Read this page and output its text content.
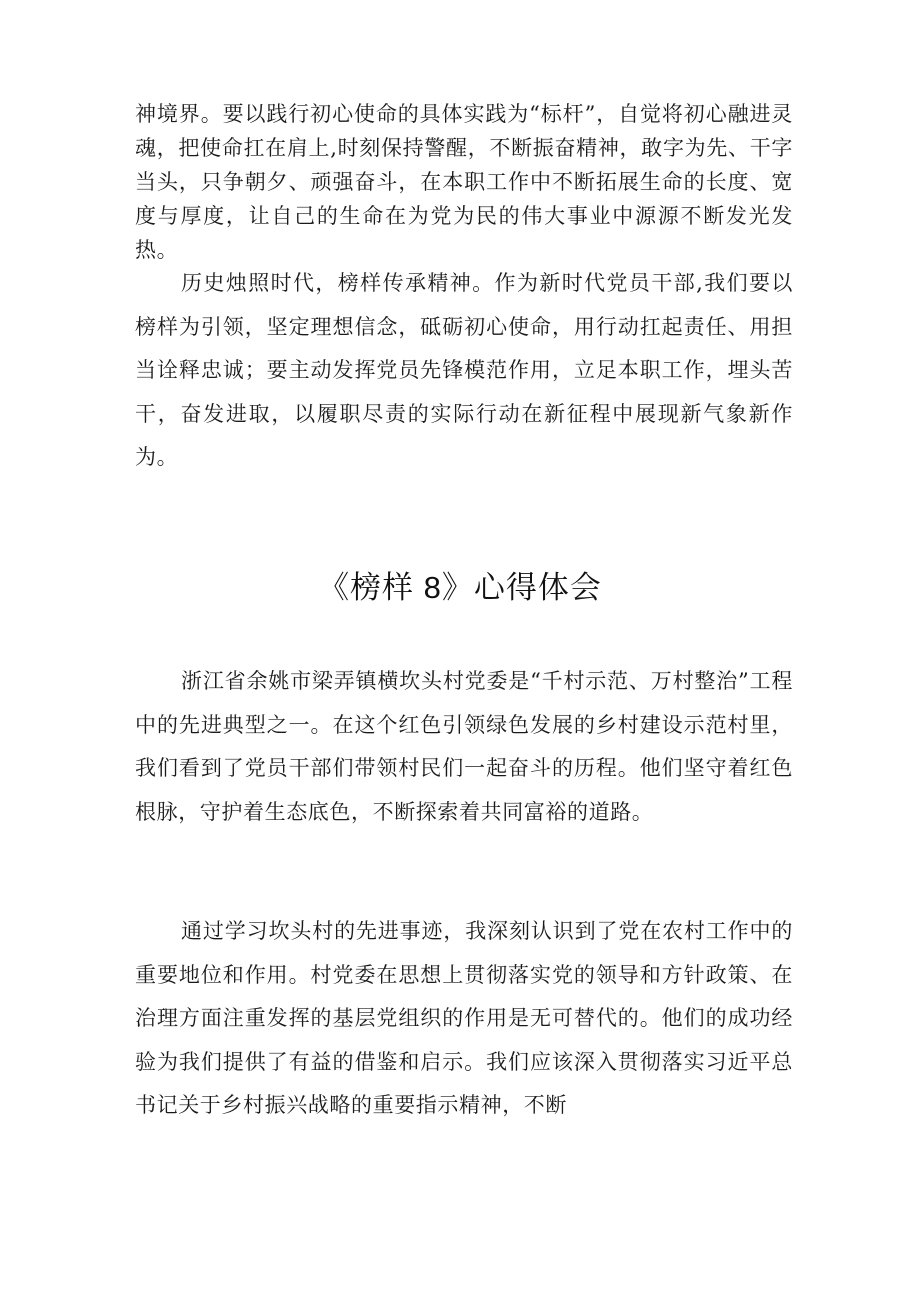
神境界。要以践行初心使命的具体实践为“标杆”，自觉将初心融进灵魂，把使命扛在肩上,时刻保持警醒，不断振奋精神，敢字为先、干字当头，只争朝夕、顽强奋斗，在本职工作中不断拓展生命的长度、宽度与厚度，让自己的生命在为党为民的伟大事业中源源不断发光发热。

历史烛照时代，榜样传承精神。作为新时代党员干部,我们要以榜样为引领，坚定理想信念，砥砺初心使命，用行动扛起责任、用担当诠释忠诚；要主动发挥党员先锋模范作用，立足本职工作，埋头苦干，奋发进取，以履职尽责的实际行动在新征程中展现新气象新作为。

《榜样 8》心得体会

浙江省余姚市梁弄镇横坎头村党委是“千村示范、万村整治”工程中的先进典型之一。在这个红色引领绿色发展的乡村建设示范村里，我们看到了党员干部们带领村民们一起奋斗的历程。他们坚守着红色根脉，守护着生态底色，不断探索着共同富裕的道路。

通过学习坎头村的先进事迹，我深刻认识到了党在农村工作中的重要地位和作用。村党委在思想上贯彻落实党的领导和方针政策、在治理方面注重发挥的基层党组织的作用是无可替代的。他们的成功经验为我们提供了有益的借鉴和启示。我们应该深入贯彻落实习近平总书记关于乡村振兴战略的重要指示精神，不断
